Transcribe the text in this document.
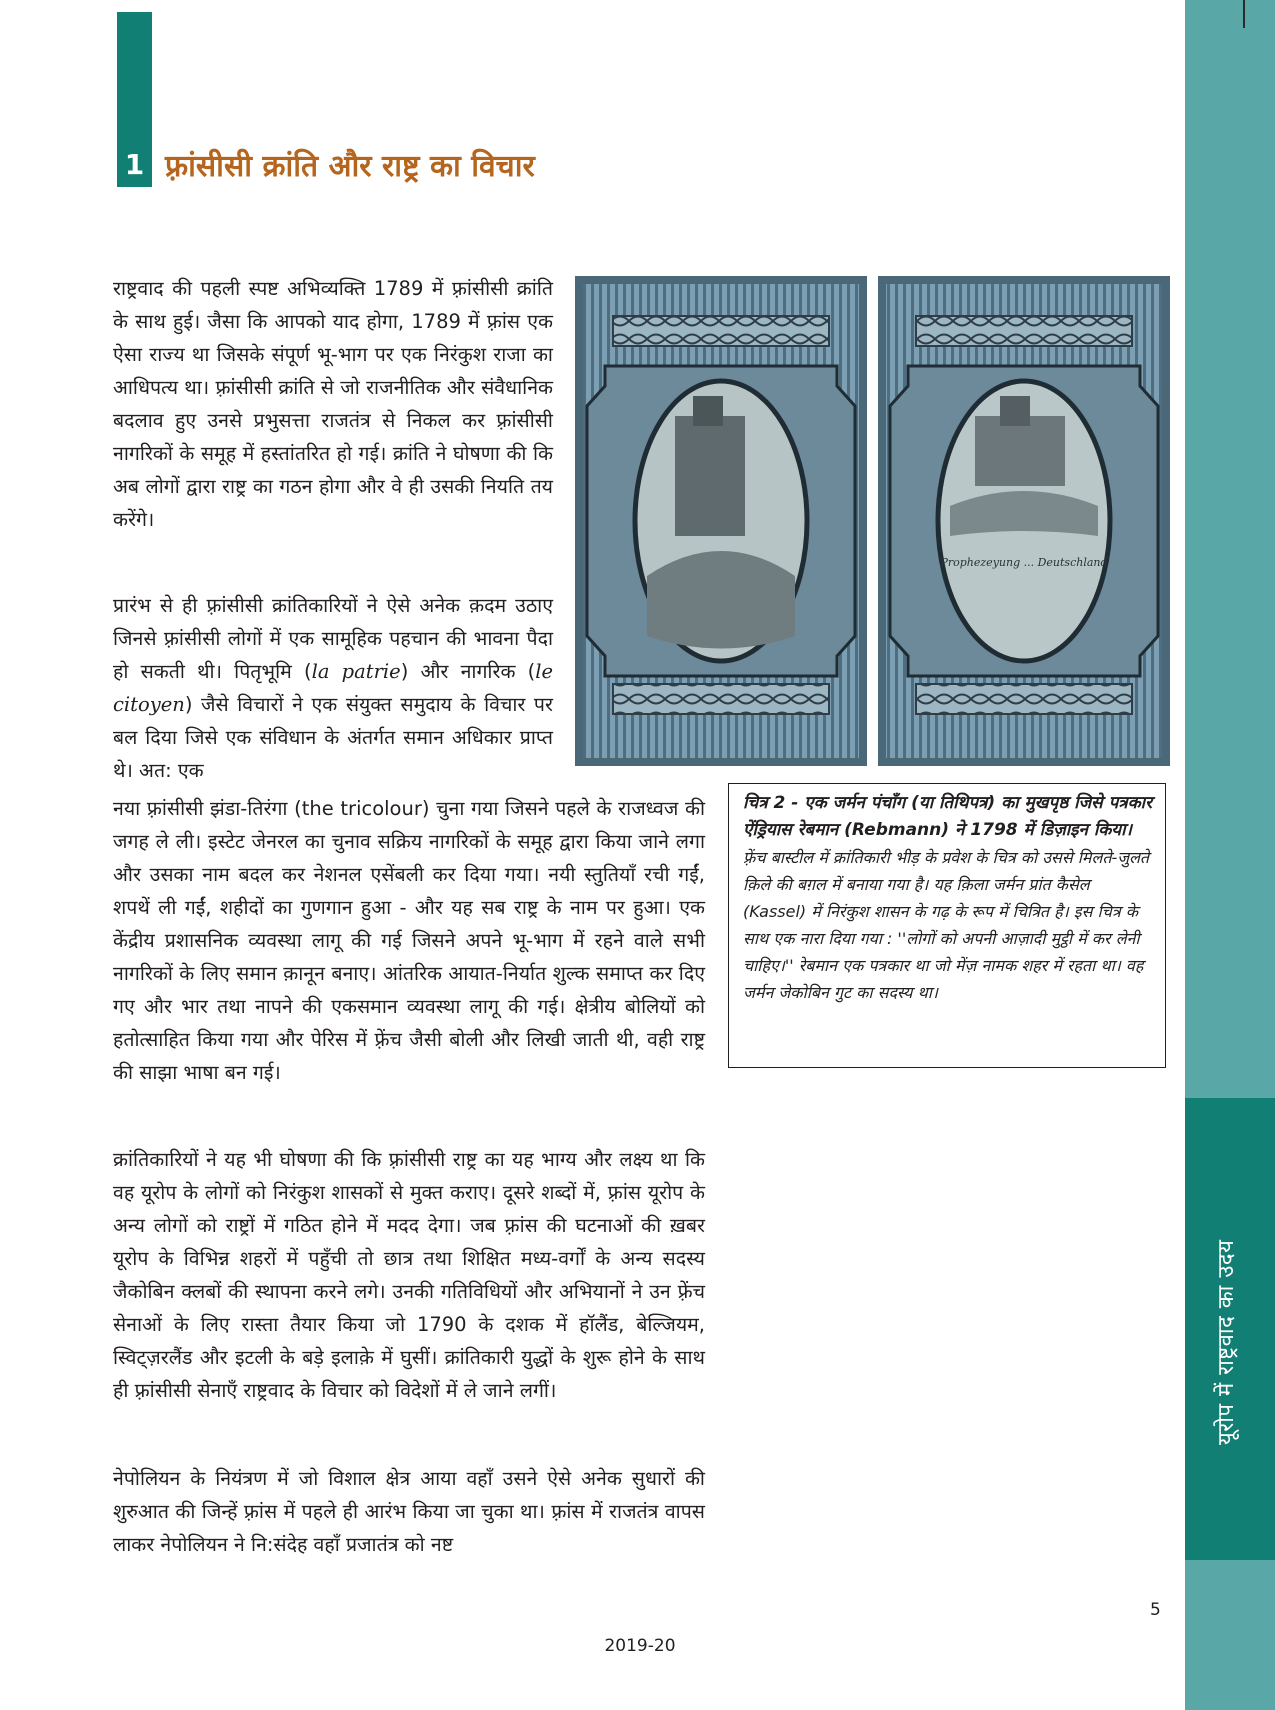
यूरोप में राष्ट्रवाद का उदय
1 फ़्रांसीसी क्रांति और राष्ट्र का विचार

राष्ट्रवाद की पहली स्पष्ट अभिव्यक्ति 1789 में फ़्रांसीसी क्रांति के साथ हुई। जैसा कि आपको याद होगा, 1789 में फ़्रांस एक ऐसा राज्य था जिसके संपूर्ण भू-भाग पर एक निरंकुश राजा का आधिपत्य था। फ़्रांसीसी क्रांति से जो राजनीतिक और संवैधानिक बदलाव हुए उनसे प्रभुसत्ता राजतंत्र से निकल कर फ़्रांसीसी नागरिकों के समूह में हस्तांतरित हो गई। क्रांति ने घोषणा की कि अब लोगों द्वारा राष्ट्र का गठन होगा और वे ही उसकी नियति तय करेंगे।

प्रारंभ से ही फ़्रांसीसी क्रांतिकारियों ने ऐसे अनेक क़दम उठाए जिनसे फ़्रांसीसी लोगों में एक सामूहिक पहचान की भावना पैदा हो सकती थी। पितृभूमि (la patrie) और नागरिक (le citoyen) जैसे विचारों ने एक संयुक्त समुदाय के विचार पर बल दिया जिसे एक संविधान के अंतर्गत समान अधिकार प्राप्त थे। अत: एक

नया फ़्रांसीसी झंडा-तिरंगा (the tricolour) चुना गया जिसने पहले के राजध्वज की जगह ले ली। इस्टेट जेनरल का चुनाव सक्रिय नागरिकों के समूह द्वारा किया जाने लगा और उसका नाम बदल कर नेशनल एसेंबली कर दिया गया। नयी स्तुतियाँ रची गईं, शपथें ली गईं, शहीदों का गुणगान हुआ - और यह सब राष्ट्र के नाम पर हुआ। एक केंद्रीय प्रशासनिक व्यवस्था लागू की गई जिसने अपने भू-भाग में रहने वाले सभी नागरिकों के लिए समान क़ानून बनाए। आंतरिक आयात-निर्यात शुल्क समाप्त कर दिए गए और भार तथा नापने की एकसमान व्यवस्था लागू की गई। क्षेत्रीय बोलियों को हतोत्साहित किया गया और पेरिस में फ़्रेंच जैसी बोली और लिखी जाती थी, वही राष्ट्र की साझा भाषा बन गई।

क्रांतिकारियों ने यह भी घोषणा की कि फ़्रांसीसी राष्ट्र का यह भाग्य और लक्ष्य था कि वह यूरोप के लोगों को निरंकुश शासकों से मुक्त कराए। दूसरे शब्दों में, फ़्रांस यूरोप के अन्य लोगों को राष्ट्रों में गठित होने में मदद देगा। जब फ़्रांस की घटनाओं की ख़बर यूरोप के विभिन्न शहरों में पहुँची तो छात्र तथा शिक्षित मध्य-वर्गों के अन्य सदस्य जैकोबिन क्लबों की स्थापना करने लगे। उनकी गतिविधियों और अभियानों ने उन फ़्रेंच सेनाओं के लिए रास्ता तैयार किया जो 1790 के दशक में हॉलैंड, बेल्जियम, स्विट्ज़रलैंड और इटली के बड़े इलाक़े में घुसीं। क्रांतिकारी युद्धों के शुरू होने के साथ ही फ़्रांसीसी सेनाएँ राष्ट्रवाद के विचार को विदेशों में ले जाने लगीं।

नेपोलियन के नियंत्रण में जो विशाल क्षेत्र आया वहाँ उसने ऐसे अनेक सुधारों की शुरुआत की जिन्हें फ़्रांस में पहले ही आरंभ किया जा चुका था। फ़्रांस में राजतंत्र वापस लाकर नेपोलियन ने नि:संदेह वहाँ प्रजातंत्र को नष्ट

Prophezeyung ... Deutschland

चित्र 2 - एक जर्मन पंचाँग (या तिथिपत्र) का मुखपृष्ठ जिसे पत्रकार ऐंड्रियास रेबमान (Rebmann) ने 1798 में डिज़ाइन किया।

फ़्रेंच बास्टील में क्रांतिकारी भीड़ के प्रवेश के चित्र को उससे मिलते-जुलते क़िले की बग़ल में बनाया गया है। यह क़िला जर्मन प्रांत कैसेल (Kassel) में निरंकुश शासन के गढ़ के रूप में चित्रित है। इस चित्र के साथ एक नारा दिया गया : ''लोगों को अपनी आज़ादी मुट्ठी में कर लेनी चाहिए।'' रेबमान एक पत्रकार था जो मेंज़ नामक शहर में रहता था। वह जर्मन जेकोबिन गुट का सदस्य था।

5
2019-20
